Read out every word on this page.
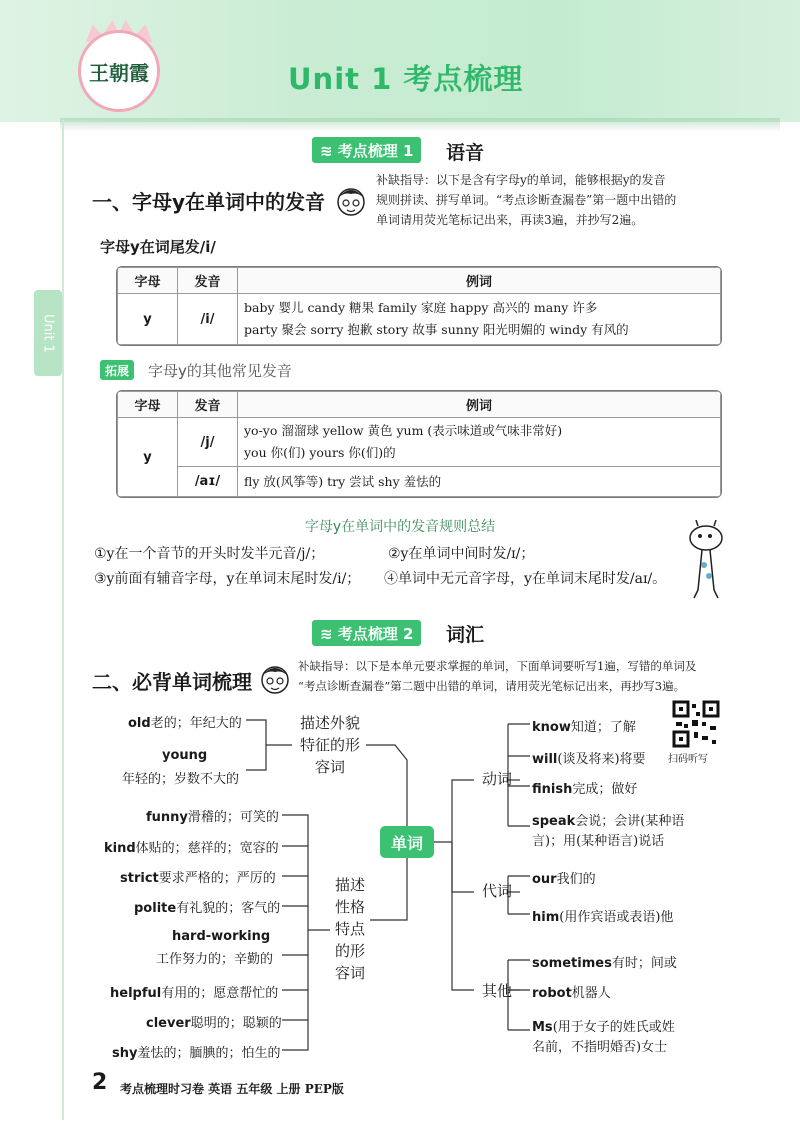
王朝霞	Unit 1 考点梳理
Unit 1
≋ 考点梳理 1	语音
一、字母y在单词中的发音
补缺指导：以下是含有字母y的单词，能够根据y的发音
规则拼读、拼写单词。“考点诊断查漏卷”第一题中出错的
单词请用荧光笔标记出来，再读3遍，并抄写2遍。
字母y在词尾发/i/
字母	发音	例词
y	/i/	baby 婴儿 candy 糖果 family 家庭 happy 高兴的 many 许多
party 聚会 sorry 抱歉 story 故事 sunny 阳光明媚的 windy 有风的
拓展	字母y的其他常见发音
字母	发音	例词
y	/j/	yo-yo 溜溜球 yellow 黄色 yum (表示味道或气味非常好)
you 你(们) yours 你(们)的

	/aɪ/	fly 放(风筝等) try 尝试 shy 羞怯的
字母y在单词中的发音规则总结
①y在一个音节的开头时发半元音/j/；	②y在单词中间时发/ɪ/；
③y前面有辅音字母，y在单词末尾时发/i/； ④单词中无元音字母，y在单词末尾时发/aɪ/。
≋ 考点梳理 2	词汇
二、必背单词梳理
补缺指导：以下是本单元要求掌握的单词，下面单词要听写1遍，写错的单词及
“考点诊断查漏卷”第二题中出错的单词，请用荧光笔标记出来，再抄写3遍。
扫码听写
old老的；年纪大的
young
年轻的；岁数不大的
描述外貌
特征的形
容词
funny滑稽的；可笑的
kind体贴的；慈祥的；宽容的
strict要求严格的；严厉的
polite有礼貌的；客气的
hard-working
工作努力的；辛勤的
helpful有用的；愿意帮忙的
clever聪明的；聪颖的
shy羞怯的；腼腆的；怕生的
描述
性格
特点
的形
容词
单词
动词
know知道；了解
will(谈及将来)将要
finish完成；做好
speak会说；会讲(某种语
言)；用(某种语言)说话
代词
our我们的
him(用作宾语或表语)他
其他
sometimes有时；间或
robot机器人
Ms(用于女子的姓氏或姓
名前，不指明婚否)女士
2 考点梳理时习卷 英语 五年级 上册 PEP版
